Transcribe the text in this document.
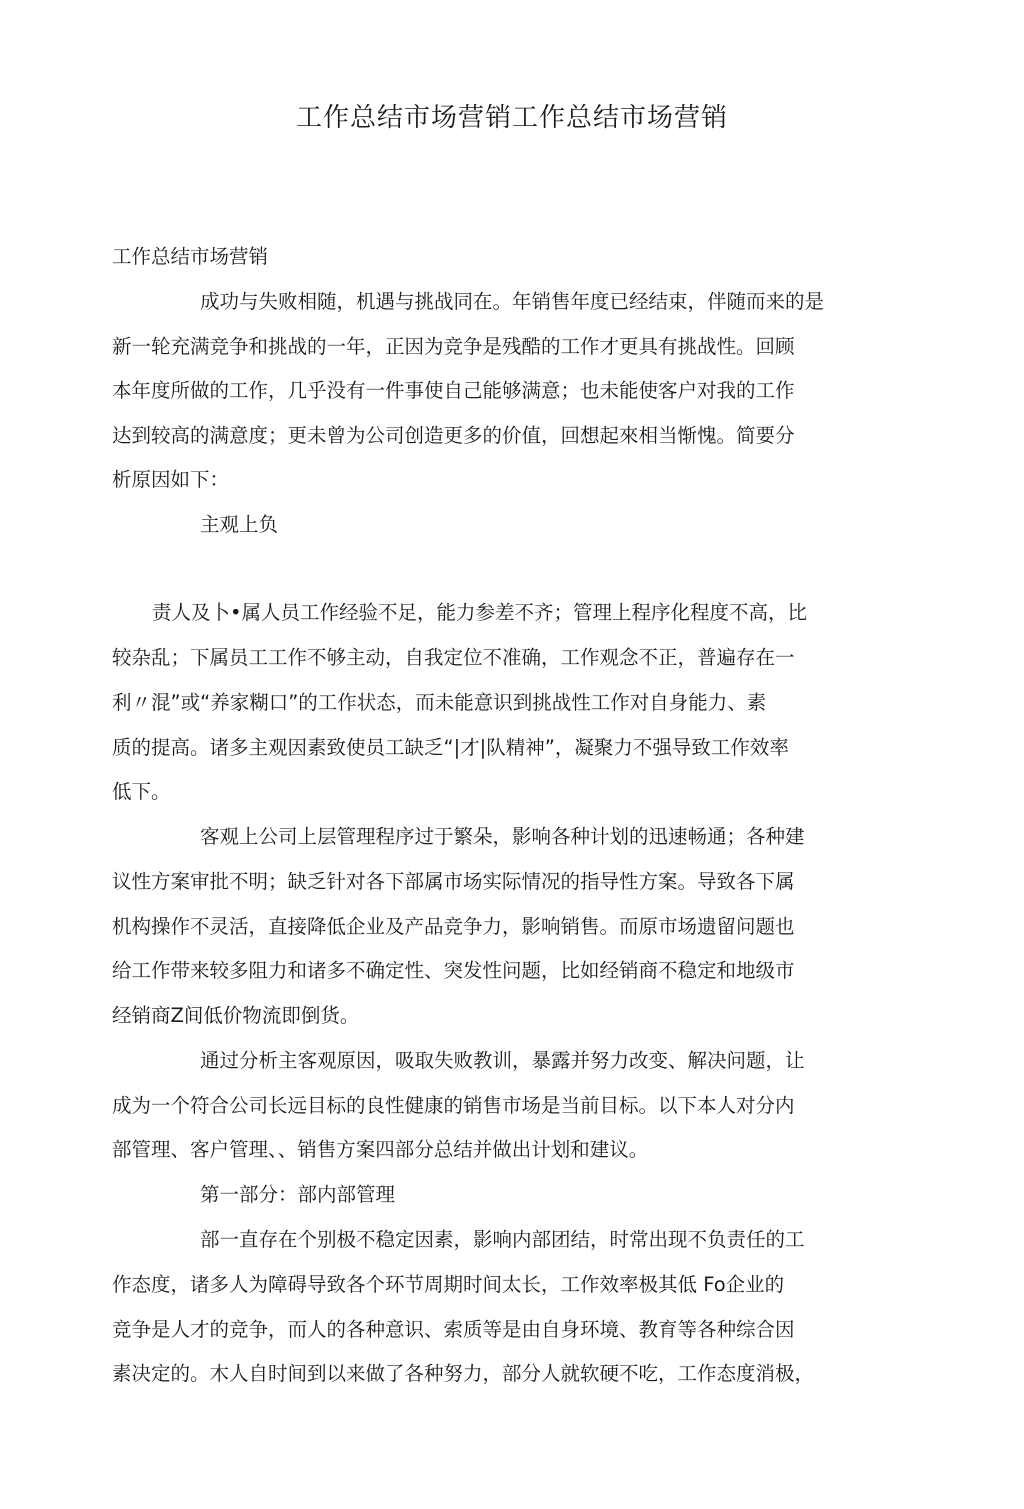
工作总结市场营销工作总结市场营销

工作总结市场营销

成功与失败相随，机遇与挑战同在。年销售年度已经结束，伴随而来的是

新一轮充满竞争和挑战的一年，正因为竞争是残酷的工作才更具有挑战性。回顾

本年度所做的工作，几乎没有一件事使自己能够满意；也未能使客户对我的工作

达到较高的满意度；更未曾为公司创造更多的价值，回想起來相当惭愧。简要分

析原因如下：

主观上负

责人及卜•属人员工作经验不足，能力参差不齐；管理上程序化程度不高，比

较杂乱；下属员工工作不够主动，自我定位不准确，工作观念不正，普遍存在一

利〃混”或“养家糊口”的工作状态，而未能意识到挑战性工作对自身能力、素

质的提高。诸多主观因素致使员工缺乏“|才|队精神”，凝聚力不强导致工作效率

低下。

客观上公司上层管理程序过于繁朵，影响各种计划的迅速畅通；各种建

议性方案审批不明；缺乏针对各下部属市场实际情况的指导性方案。导致各下属

机构操作不灵活，直接降低企业及产品竞争力，影响销售。而原市场遗留问题也

给工作带来较多阻力和诸多不确定性、突发性问题，比如经销商不稳定和地级市

经销商Z间低价物流即倒货。

通过分析主客观原因，吸取失败教训，暴露并努力改变、解决问题，让

成为一个符合公司长远目标的良性健康的销售市场是当前目标。以下本人对分内

部管理、客户管理、、销售方案四部分总结并做出计划和建议。

第一部分：部内部管理

部一直存在个别极不稳定因素，影响内部团结，时常出现不负责任的工

作态度，诸多人为障碍导致各个环节周期时间太长，工作效率极其低 Fo企业的

竞争是人才的竞争，而人的各种意识、索质等是由自身环境、教育等各种综合因

素决定的。木人自时间到以来做了各种努力，部分人就软硬不吃，工作态度消极，
